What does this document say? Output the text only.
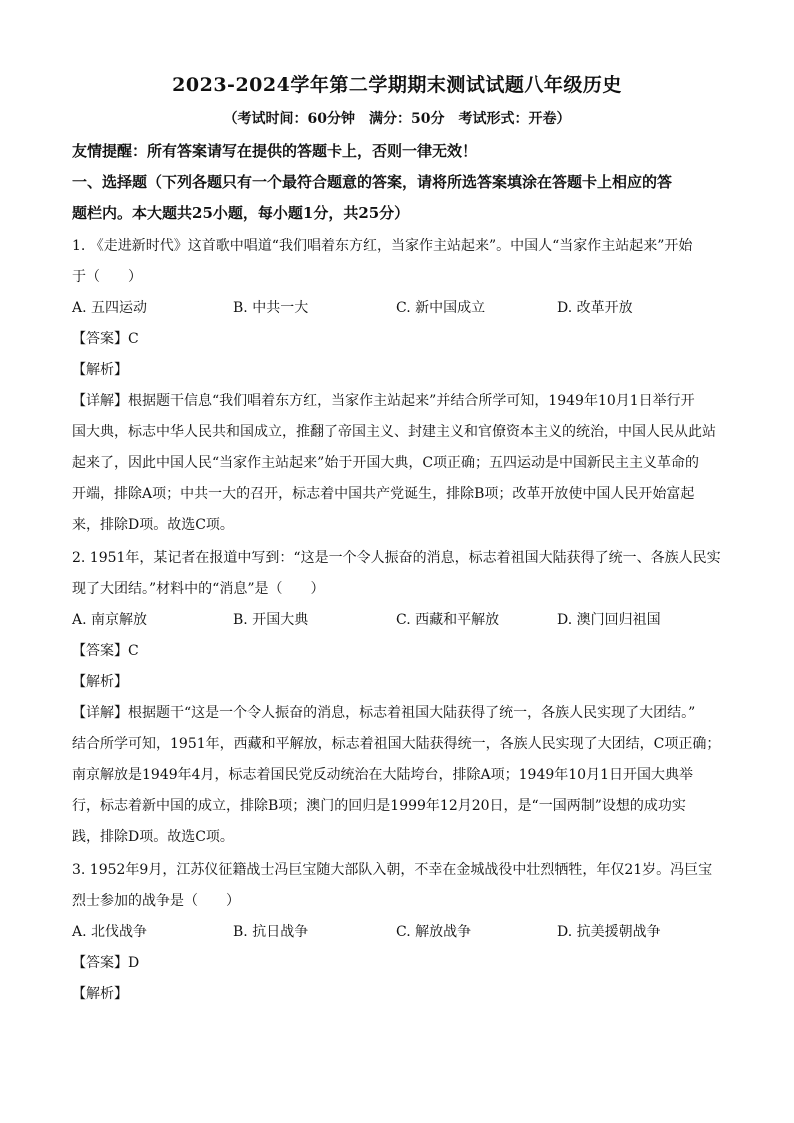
2023-2024学年第二学期期末测试试题八年级历史
（考试时间：60分钟　满分：50分　考试形式：开卷）
友情提醒：所有答案请写在提供的答题卡上，否则一律无效！
一、选择题（下列各题只有一个最符合题意的答案，请将所选答案填涂在答题卡上相应的答
题栏内。本大题共25小题，每小题1分，共25分）
1. 《走进新时代》这首歌中唱道“我们唱着东方红，当家作主站起来”。中国人“当家作主站起来”开始
于（　　）
A. 五四运动	B. 中共一大	C. 新中国成立	D. 改革开放
【答案】C
【解析】
【详解】根据题干信息“我们唱着东方红，当家作主站起来”并结合所学可知，1949年10月1日举行开
国大典，标志中华人民共和国成立，推翻了帝国主义、封建主义和官僚资本主义的统治，中国人民从此站
起来了，因此中国人民“当家作主站起来”始于开国大典，C项正确；五四运动是中国新民主主义革命的
开端，排除A项；中共一大的召开，标志着中国共产党诞生，排除B项；改革开放使中国人民开始富起
来，排除D项。故选C项。
2. 1951年，某记者在报道中写到：“这是一个令人振奋的消息，标志着祖国大陆获得了统一、各族人民实
现了大团结。”材料中的“消息”是（　　）
A. 南京解放	B. 开国大典	C. 西藏和平解放	D. 澳门回归祖国
【答案】C
【解析】
【详解】根据题干“这是一个令人振奋的消息，标志着祖国大陆获得了统一，各族人民实现了大团结。”
结合所学可知，1951年，西藏和平解放，标志着祖国大陆获得统一，各族人民实现了大团结，C项正确；
南京解放是1949年4月，标志着国民党反动统治在大陆垮台，排除A项；1949年10月1日开国大典举
行，标志着新中国的成立，排除B项；澳门的回归是1999年12月20日，是“一国两制”设想的成功实
践，排除D项。故选C项。
3. 1952年9月，江苏仪征籍战士冯巨宝随大部队入朝，不幸在金城战役中壮烈牺牲，年仅21岁。冯巨宝
烈士参加的战争是（　　）
A. 北伐战争	B. 抗日战争	C. 解放战争	D. 抗美援朝战争
【答案】D
【解析】
